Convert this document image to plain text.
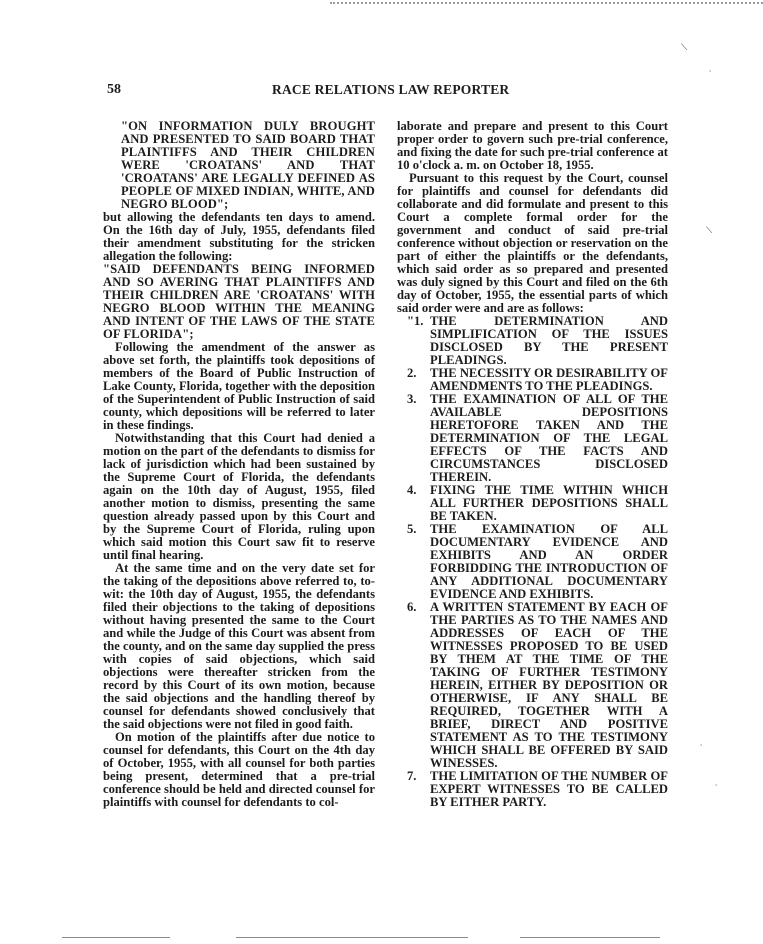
58	RACE RELATIONS LAW REPORTER

"ON INFORMATION DULY BROUGHT AND PRESENTED TO SAID BOARD THAT PLAINTIFFS AND THEIR CHILDREN WERE 'CROATANS' AND THAT 'CROATANS' ARE LEGALLY DEFINED AS PEOPLE OF MIXED INDIAN, WHITE, AND NEGRO BLOOD";

but allowing the defendants ten days to amend. On the 16th day of July, 1955, defendants filed their amendment substituting for the stricken allegation the following:

"SAID DEFENDANTS BEING INFORMED AND SO AVERING THAT PLAINTIFFS AND THEIR CHILDREN ARE 'CROATANS' WITH NEGRO BLOOD WITHIN THE MEANING AND INTENT OF THE LAWS OF THE STATE OF FLORIDA";

Following the amendment of the answer as above set forth, the plaintiffs took depositions of members of the Board of Public Instruction of Lake County, Florida, together with the deposition of the Superintendent of Public Instruction of said county, which depositions will be referred to later in these findings.

Notwithstanding that this Court had denied a motion on the part of the defendants to dismiss for lack of jurisdiction which had been sustained by the Supreme Court of Florida, the defendants again on the 10th day of August, 1955, filed another motion to dismiss, presenting the same question already passed upon by this Court and by the Supreme Court of Florida, ruling upon which said motion this Court saw fit to reserve until final hearing.

At the same time and on the very date set for the taking of the depositions above referred to, to-wit: the 10th day of August, 1955, the defendants filed their objections to the taking of depositions without having presented the same to the Court and while the Judge of this Court was absent from the county, and on the same day supplied the press with copies of said objections, which said objections were thereafter stricken from the record by this Court of its own motion, because the said objections and the handling thereof by counsel for defendants showed conclusively that the said objections were not filed in good faith.

On motion of the plaintiffs after due notice to counsel for defendants, this Court on the 4th day of October, 1955, with all counsel for both parties being present, determined that a pre-trial conference should be held and directed counsel for plaintiffs with counsel for defendants to col-

laborate and prepare and present to this Court proper order to govern such pre-trial conference, and fixing the date for such pre-trial conference at 10 o'clock a. m. on October 18, 1955.

Pursuant to this request by the Court, counsel for plaintiffs and counsel for defendants did collaborate and did formulate and present to this Court a complete formal order for the government and conduct of said pre-trial conference without objection or reservation on the part of either the plaintiffs or the defendants, which said order as so prepared and presented was duly signed by this Court and filed on the 6th day of October, 1955, the essential parts of which said order were and are as follows:

"1. THE DETERMINATION AND SIMPLIFICATION OF THE ISSUES DISCLOSED BY THE PRESENT PLEADINGS.
2. THE NECESSITY OR DESIRABILITY OF AMENDMENTS TO THE PLEADINGS.
3. THE EXAMINATION OF ALL OF THE AVAILABLE DEPOSITIONS HERETOFORE TAKEN AND THE DETERMINATION OF THE LEGAL EFFECTS OF THE FACTS AND CIRCUMSTANCES DISCLOSED THEREIN.
4. FIXING THE TIME WITHIN WHICH ALL FURTHER DEPOSITIONS SHALL BE TAKEN.
5. THE EXAMINATION OF ALL DOCUMENTARY EVIDENCE AND EXHIBITS AND AN ORDER FORBIDDING THE INTRODUCTION OF ANY ADDITIONAL DOCUMENTARY EVIDENCE AND EXHIBITS.
6. A WRITTEN STATEMENT BY EACH OF THE PARTIES AS TO THE NAMES AND ADDRESSES OF EACH OF THE WITNESSES PROPOSED TO BE USED BY THEM AT THE TIME OF THE TAKING OF FURTHER TESTIMONY HEREIN, EITHER BY DEPOSITION OR OTHERWISE, IF ANY SHALL BE REQUIRED, TOGETHER WITH A BRIEF, DIRECT AND POSITIVE STATEMENT AS TO THE TESTIMONY WHICH SHALL BE OFFERED BY SAID WINESSES.
7. THE LIMITATION OF THE NUMBER OF EXPERT WITNESSES TO BE CALLED BY EITHER PARTY.
⟍
∙
⟍
∙
∙
